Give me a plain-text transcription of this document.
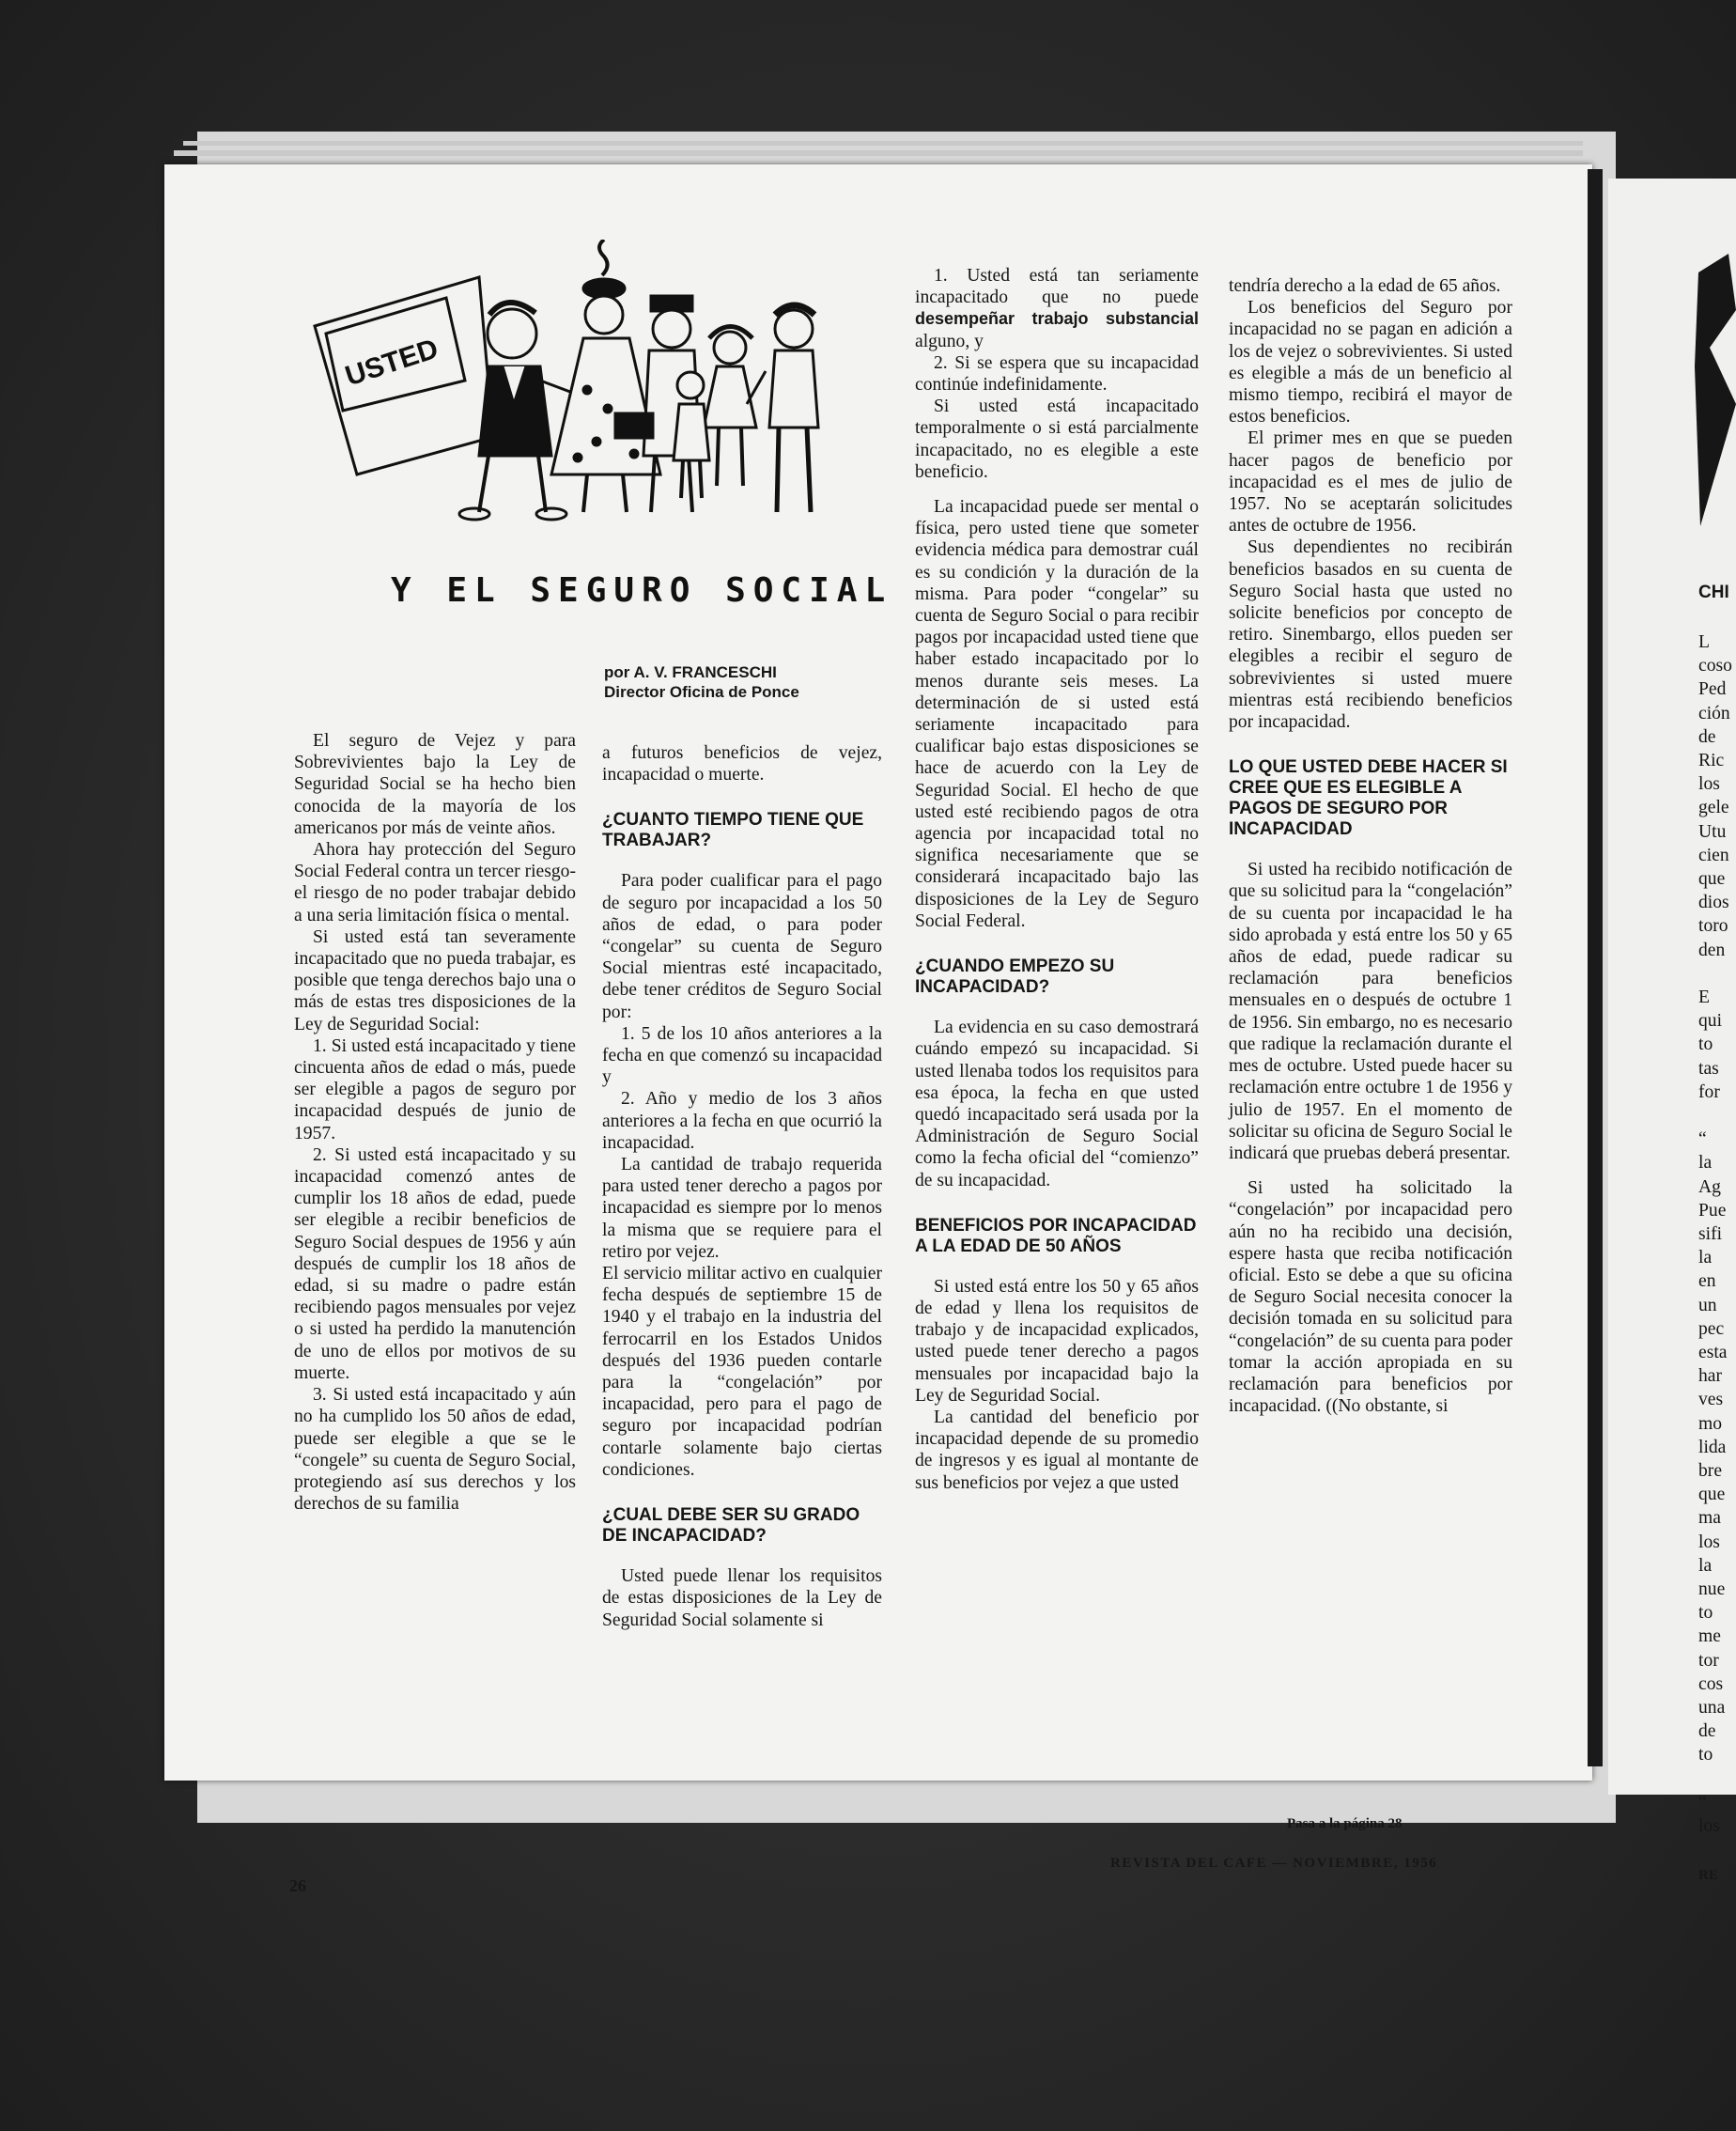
USTED
Y EL SEGURO SOCIAL
por A. V. FRANCESCHI
Director Oficina de Ponce

El seguro de Vejez y para Sobrevivientes bajo la Ley de Seguridad Social se ha hecho bien conocida de la mayoría de los americanos por más de veinte años.

Ahora hay protección del Seguro Social Federal contra un tercer riesgo- el riesgo de no poder trabajar debido a una seria limitación física o mental.

Si usted está tan severamente incapacitado que no pueda trabajar, es posible que tenga derechos bajo una o más de estas tres disposiciones de la Ley de Seguridad Social:

1. Si usted está incapacitado y tiene cincuenta años de edad o más, puede ser elegible a pagos de seguro por incapacidad después de junio de 1957.

2. Si usted está incapacitado y su incapacidad comenzó antes de cumplir los 18 años de edad, puede ser elegible a recibir beneficios de Seguro Social despues de 1956 y aún después de cumplir los 18 años de edad, si su madre o padre están recibiendo pagos mensuales por vejez o si usted ha perdido la manutención de uno de ellos por motivos de su muerte.

3. Si usted está incapacitado y aún no ha cumplido los 50 años de edad, puede ser elegible a que se le “congele” su cuenta de Seguro Social, protegiendo así sus derechos y los derechos de su familia

a futuros beneficios de vejez, incapacidad o muerte.

¿CUANTO TIEMPO TIENE QUE TRABAJAR?

Para poder cualificar para el pago de seguro por incapacidad a los 50 años de edad, o para poder “congelar” su cuenta de Seguro Social mientras esté incapacitado, debe tener créditos de Seguro Social por:

1. 5 de los 10 años anteriores a la fecha en que comenzó su incapacidad y

2. Año y medio de los 3 años anteriores a la fecha en que ocurrió la incapacidad.

La cantidad de trabajo requerida para usted tener derecho a pagos por incapacidad es siempre por lo menos la misma que se requiere para el retiro por vejez.

El servicio militar activo en cualquier fecha después de septiembre 15 de 1940 y el trabajo en la industria del ferrocarril en los Estados Unidos después del 1936 pueden contarle para la “congelación” por incapacidad, pero para el pago de seguro por incapacidad podrían contarle solamente bajo ciertas condiciones.

¿CUAL DEBE SER SU GRADO DE INCAPACIDAD?

Usted puede llenar los requisitos de estas disposiciones de la Ley de Seguridad Social solamente si

1. Usted está tan seriamente incapacitado que no puede desempeñar trabajo substancial alguno, y

2. Si se espera que su incapacidad continúe indefinidamente.

Si usted está incapacitado temporalmente o si está parcialmente incapacitado, no es elegible a este beneficio.

La incapacidad puede ser mental o física, pero usted tiene que someter evidencia médica para demostrar cuál es su condición y la duración de la misma. Para poder “congelar” su cuenta de Seguro Social o para recibir pagos por incapacidad usted tiene que haber estado incapacitado por lo menos durante seis meses. La determinación de si usted está seriamente incapacitado para cualificar bajo estas disposiciones se hace de acuerdo con la Ley de Seguridad Social. El hecho de que usted esté recibiendo pagos de otra agencia por incapacidad total no significa necesariamente que se considerará incapacitado bajo las disposiciones de la Ley de Seguro Social Federal.

¿CUANDO EMPEZO SU INCAPACIDAD?

La evidencia en su caso demostrará cuándo empezó su incapacidad. Si usted llenaba todos los requisitos para esa época, la fecha en que usted quedó incapacitado será usada por la Administración de Seguro Social como la fecha oficial del “comienzo” de su incapacidad.

BENEFICIOS POR INCAPACIDAD A LA EDAD DE 50 AÑOS

Si usted está entre los 50 y 65 años de edad y llena los requisitos de trabajo y de incapacidad explicados, usted puede tener derecho a pagos mensuales por incapacidad bajo la Ley de Seguridad Social.

La cantidad del beneficio por incapacidad depende de su promedio de ingresos y es igual al montante de sus beneficios por vejez a que usted

tendría derecho a la edad de 65 años.

Los beneficios del Seguro por incapacidad no se pagan en adición a los de vejez o sobrevivientes. Si usted es elegible a más de un beneficio al mismo tiempo, recibirá el mayor de estos beneficios.

El primer mes en que se pueden hacer pagos de beneficio por incapacidad es el mes de julio de 1957. No se aceptarán solicitudes antes de octubre de 1956.

Sus dependientes no recibirán beneficios basados en su cuenta de Seguro Social hasta que usted no solicite beneficios por concepto de retiro. Sinembargo, ellos pueden ser elegibles a recibir el seguro de sobrevivientes si usted muere mientras está recibiendo beneficios por incapacidad.

LO QUE USTED DEBE HACER SI CREE QUE ES ELEGIBLE A PAGOS DE SEGURO POR INCAPACIDAD

Si usted ha recibido notificación de que su solicitud para la “congelación” de su cuenta por incapacidad le ha sido aprobada y está entre los 50 y 65 años de edad, puede radicar su reclamación para beneficios mensuales en o después de octubre 1 de 1956. Sin embargo, no es necesario que radique la reclamación durante el mes de octubre. Usted puede hacer su reclamación entre octubre 1 de 1956 y julio de 1957. En el momento de solicitar su oficina de Seguro Social le indicará que pruebas deberá presentar.

Si usted ha solicitado la “congelación” por incapacidad pero aún no ha recibido una decisión, espere hasta que reciba notificación oficial. Esto se debe a que su oficina de Seguro Social necesita conocer la decisión tomada en su solicitud para “congelación” de su cuenta para poder tomar la acción apropiada en su reclamación para beneficios por incapacidad. ((No obstante, si

26
Pasa a la página 28
REVISTA DEL CAFE — NOVIEMBRE, 1956
CHI
L
coso
Ped
ción
de
Ric
los
gele
Utu
cien
que
dios
toro
den
E
qui
to
tas
for
“
la
Ag
Pue
sifi
la
en
un
pec
esta
har
ves
mo
lida
bre
que
ma
los
la
nue
to
me
tor
cos
una
de
to
“
los
RE
